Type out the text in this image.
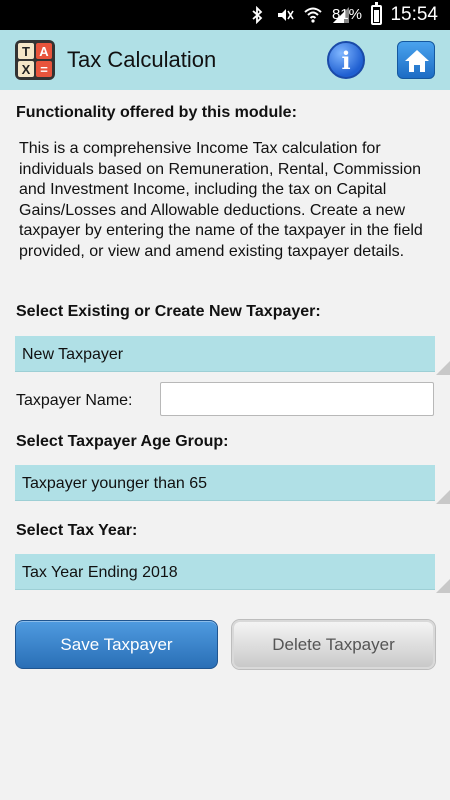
81% 15:54
T A
X = Tax Calculation	i
Functionality offered by this module:
This is a comprehensive Income Tax calculation for individuals based on Remuneration, Rental, Commission and Investment Income, including the tax on Capital Gains/Losses and Allowable deductions. Create a new taxpayer by entering the name of the taxpayer in the field provided, or view and amend existing taxpayer details.
Select Existing or Create New Taxpayer:
New Taxpayer
Taxpayer Name:
Select Taxpayer Age Group:
Taxpayer younger than 65
Select Tax Year:
Tax Year Ending 2018
Save Taxpayer	Delete Taxpayer
